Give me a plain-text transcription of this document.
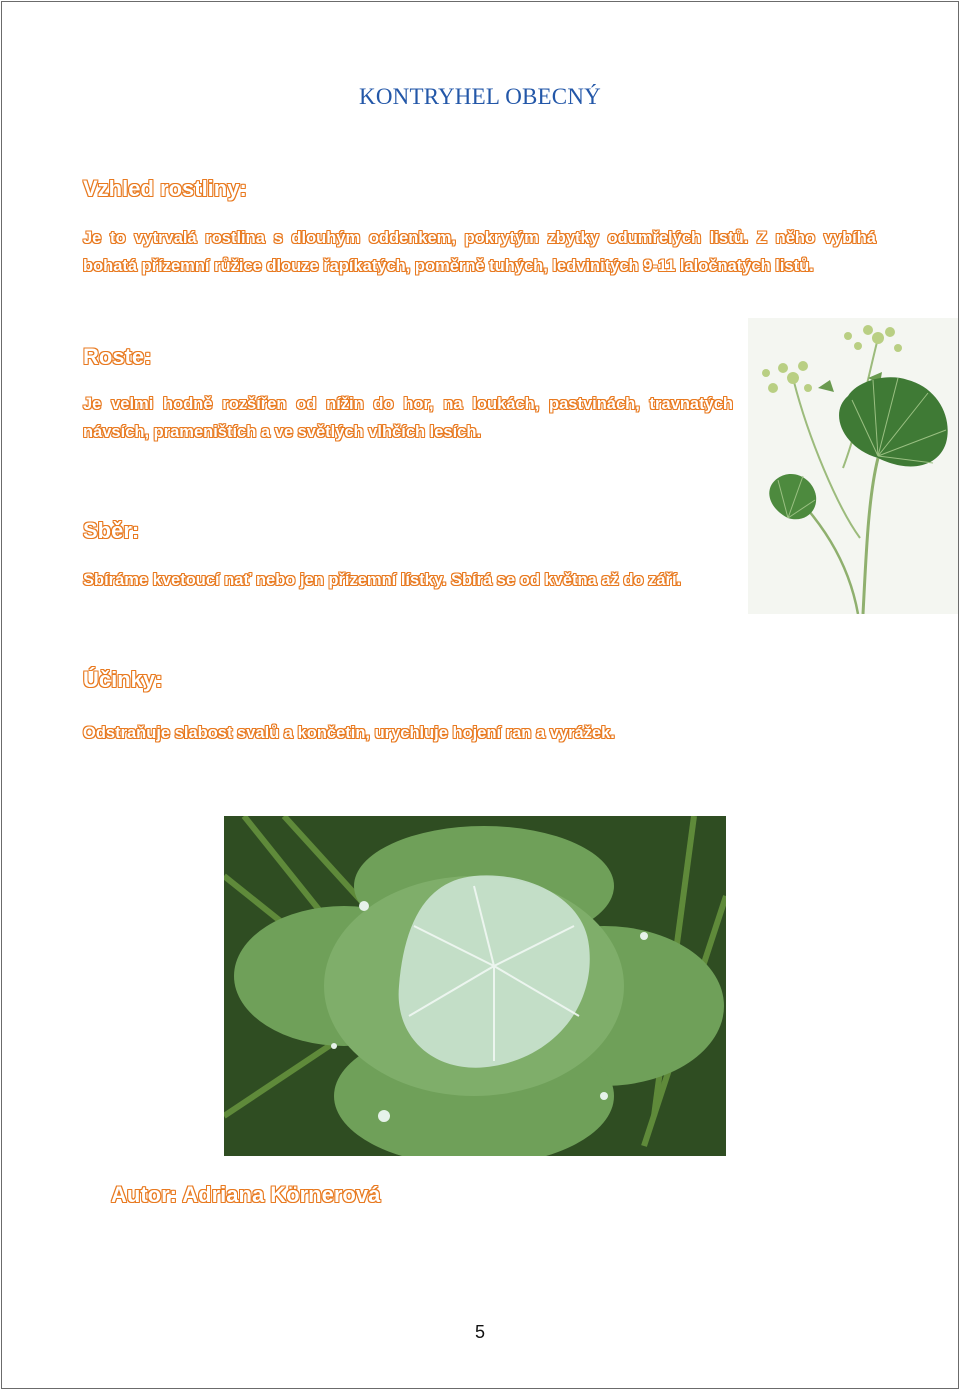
KONTRYHEL OBECNÝ
Vzhled rostliny:
Je to vytrvalá rostlina s dlouhým oddenkem, pokrytým zbytky odumřelých listů. Z něho vybíhá
bohatá přízemní růžice dlouze řapíkatých, poměrně tuhých, ledvinitých 9-11 laločnatých listů.
Roste:
Je velmi hodně rozšířen od nížin do hor, na loukách, pastvinách, travnatých
návsích, prameništích a ve světlých vlhčích lesích.
Sběr:
Sbíráme kvetoucí nať nebo jen přízemní lístky. Sbírá se od května až do září.
Účinky:
Odstraňuje slabost svalů a končetin, urychluje hojení ran a vyrážek.
Autor: Adriana Körnerová
5
